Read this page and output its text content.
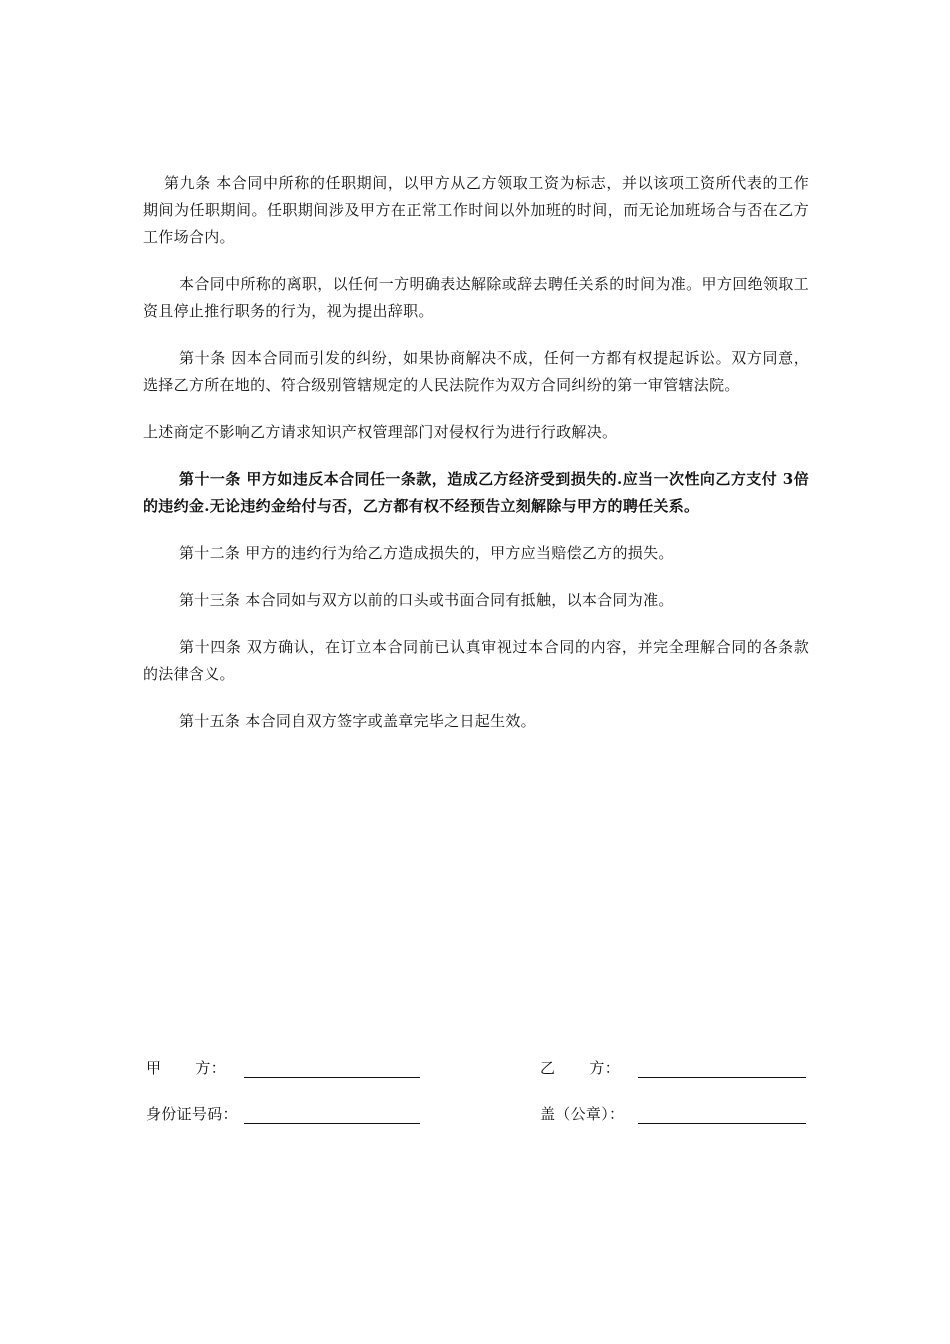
第九条 本合同中所称的任职期间，以甲方从乙方领取工资为标志，并以该项工资所代表的工作期间为任职期间。任职期间涉及甲方在正常工作时间以外加班的时间，而无论加班场合与否在乙方工作场合内。

本合同中所称的离职，以任何一方明确表达解除或辞去聘任关系的时间为准。甲方回绝领取工资且停止推行职务的行为，视为提出辞职。

第十条 因本合同而引发的纠纷，如果协商解决不成，任何一方都有权提起诉讼。双方同意，选择乙方所在地的、符合级别管辖规定的人民法院作为双方合同纠纷的第一审管辖法院。

上述商定不影响乙方请求知识产权管理部门对侵权行为进行行政解决。

第十一条 甲方如违反本合同任一条款，造成乙方经济受到损失的.应当一次性向乙方支付 3倍的违约金.无论违约金给付与否，乙方都有权不经预告立刻解除与甲方的聘任关系。

第十二条 甲方的违约行为给乙方造成损失的，甲方应当赔偿乙方的损失。

第十三条 本合同如与双方以前的口头或书面合同有抵触，以本合同为准。

第十四条 双方确认，在订立本合同前已认真审视过本合同的内容，并完全理解合同的各条款的法律含义。

第十五条 本合同自双方签字或盖章完毕之日起生效。

甲 方：	乙 方：
身份证号码：	盖（公章）：
